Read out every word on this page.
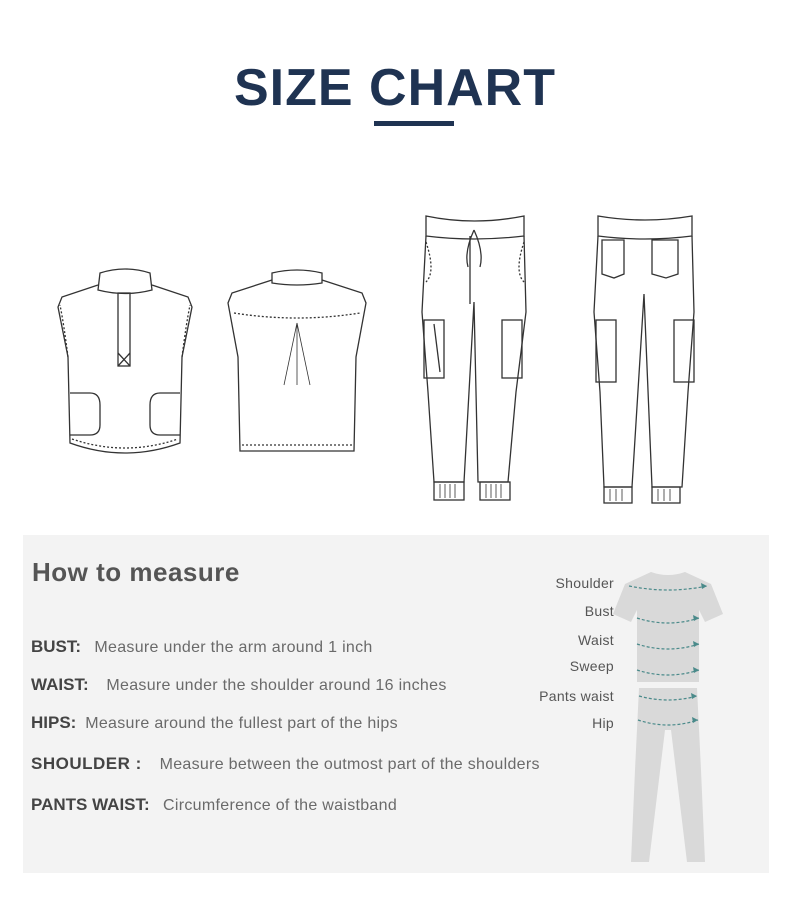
SIZE CHART
How to measure
BUST: Measure under the arm around 1 inch
WAIST: Measure under the shoulder around 16 inches
HIPS: Measure around the fullest part of the hips
SHOULDER : Measure between the outmost part of the shoulders
PANTS WAIST: Circumference of the waistband
Shoulder
Bust
Waist
Sweep
Pants waist
Hip
